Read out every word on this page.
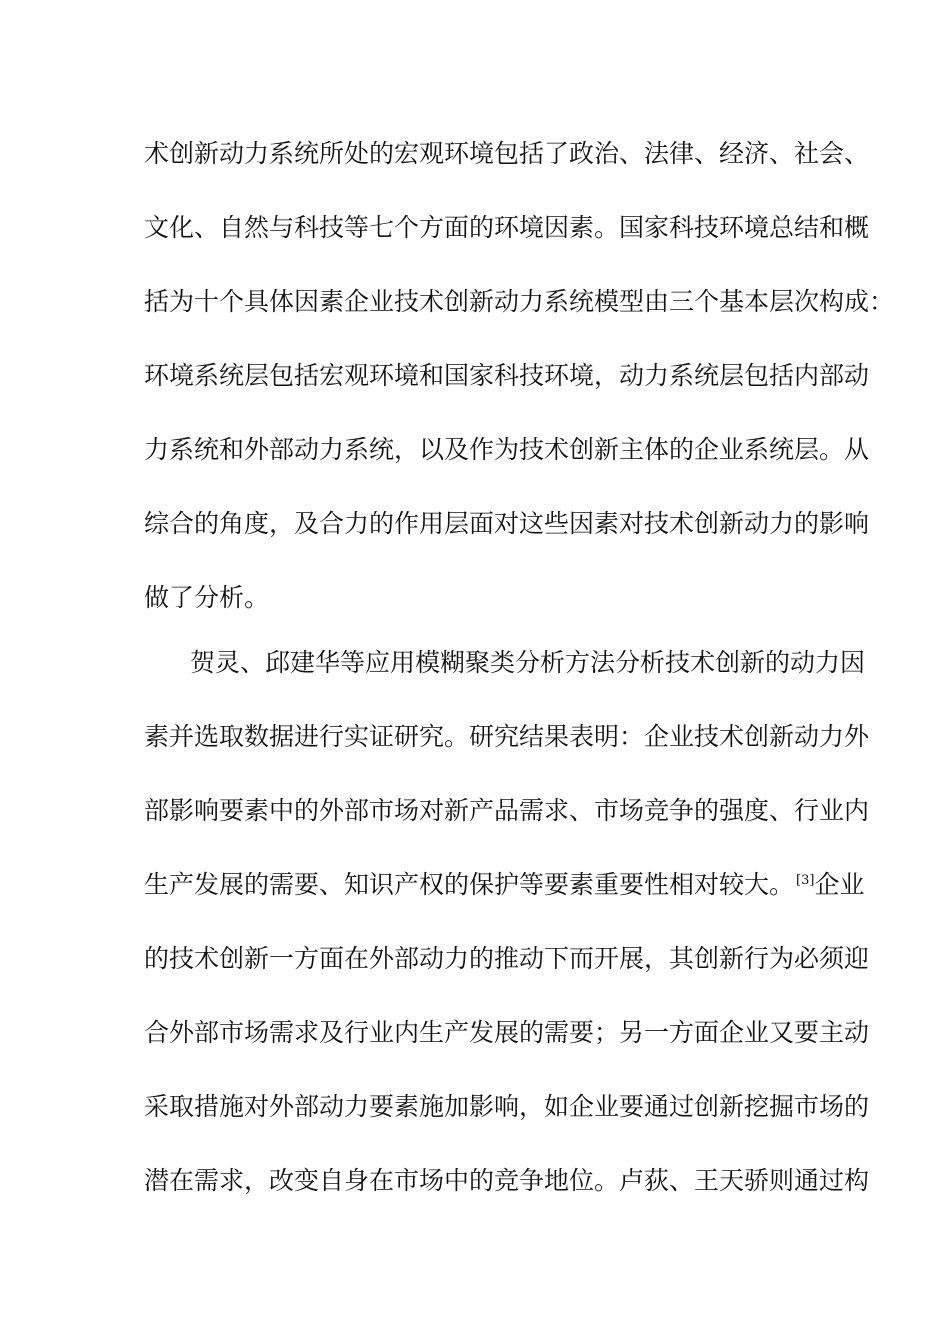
术创新动力系统所处的宏观环境包括了政治、法律、经济、社会、

文化、自然与科技等七个方面的环境因素。国家科技环境总结和概

括为十个具体因素企业技术创新动力系统模型由三个基本层次构成：

环境系统层包括宏观环境和国家科技环境，动力系统层包括内部动

力系统和外部动力系统，以及作为技术创新主体的企业系统层。从

综合的角度，及合力的作用层面对这些因素对技术创新动力的影响

做了分析。

贺灵、邱建华等应用模糊聚类分析方法分析技术创新的动力因

素并选取数据进行实证研究。研究结果表明：企业技术创新动力外

部影响要素中的外部市场对新产品需求、市场竞争的强度、行业内

生产发展的需要、知识产权的保护等要素重要性相对较大。 [3]企业

的技术创新一方面在外部动力的推动下而开展，其创新行为必须迎

合外部市场需求及行业内生产发展的需要；另一方面企业又要主动

采取措施对外部动力要素施加影响，如企业要通过创新挖掘市场的

潜在需求，改变自身在市场中的竞争地位。卢荻、王天骄则通过构
